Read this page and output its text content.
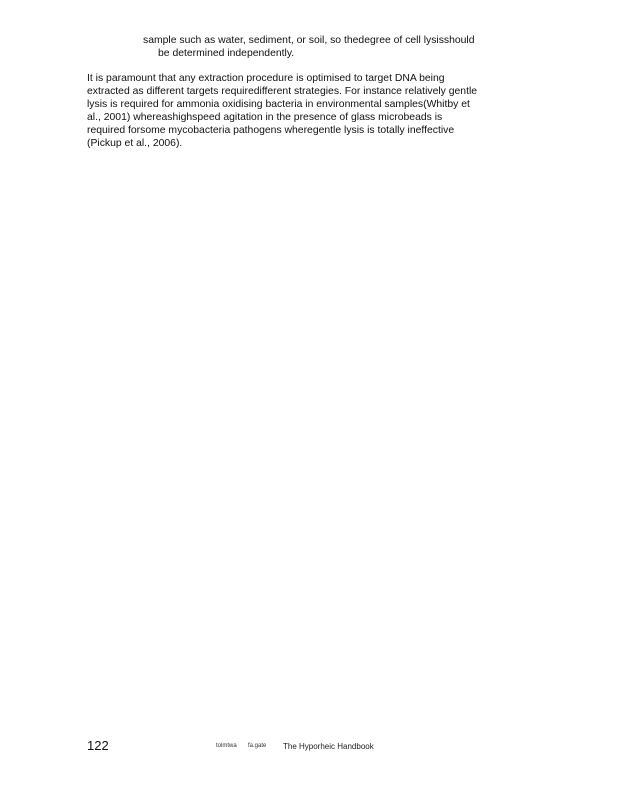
sample such as water, sediment, or soil, so thedegree of cell lysisshould
be determined independently.
It is paramount that any extraction procedure is optimised to target DNA being
extracted as different targets requiredifferent strategies. For instance relatively gentle
lysis is required for ammonia oxidising bacteria in environmental samples(Whitby et
al., 2001) whereashighspeed agitation in the presence of glass microbeads is
required forsome mycobacteria pathogens wheregentle lysis is totally ineffective
(Pickup et al., 2006).
122	tolmtwa fa.gate The Hyporheic Handbook
